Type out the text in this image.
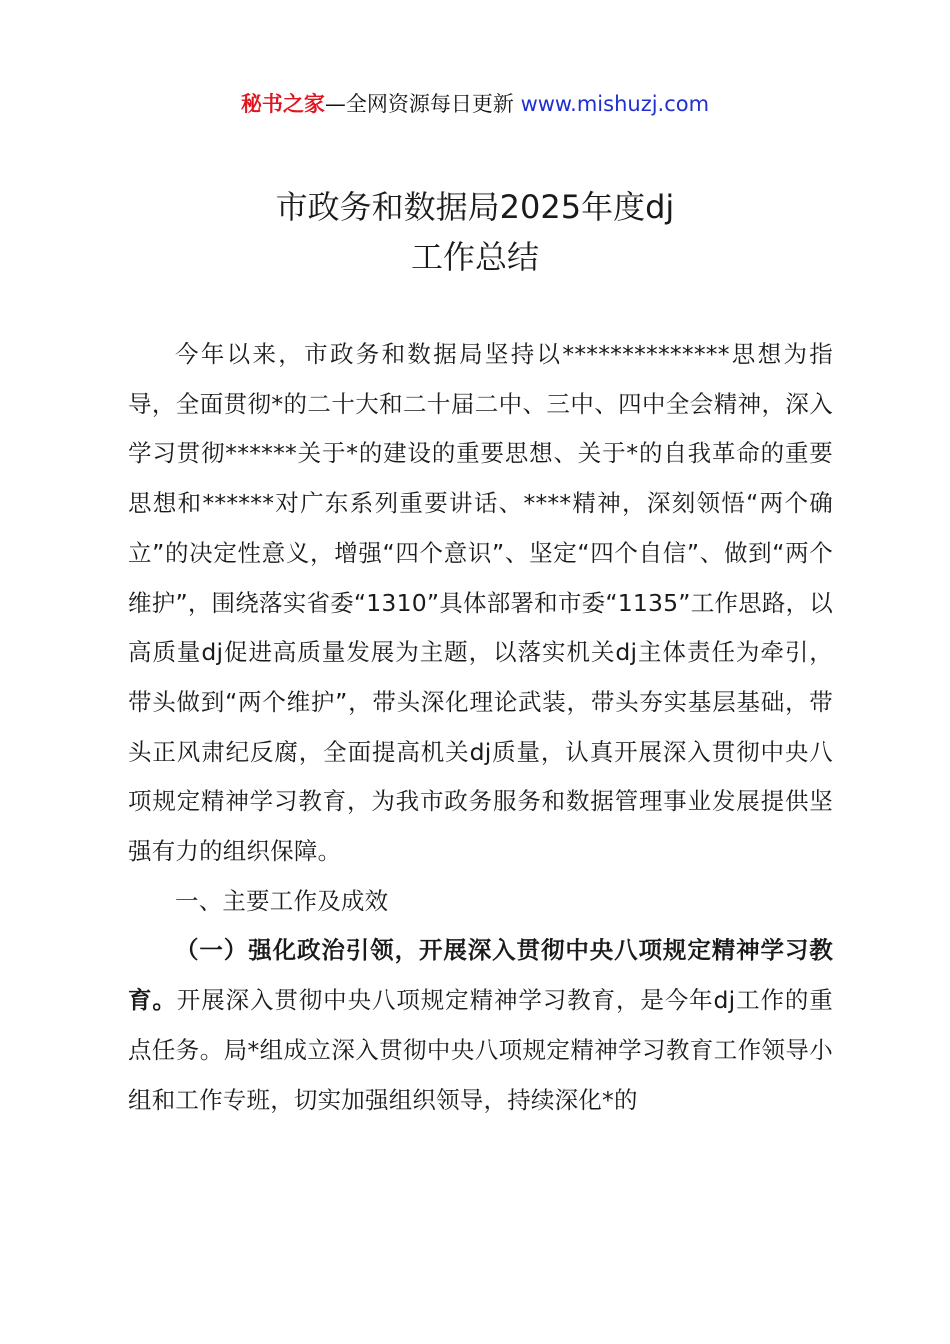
秘书之家—全网资源每日更新 www.mishuzj.com
市政务和数据局2025年度dj
工作总结

今年以来，市政务和数据局坚持以**************思想为指导，全面贯彻*的二十大和二十届二中、三中、四中全会精神，深入学习贯彻******关于*的建设的重要思想、关于*的自我革命的重要思想和******对广东系列重要讲话、****精神，深刻领悟“两个确立”的决定性意义，增强“四个意识”、坚定“四个自信”、做到“两个维护”，围绕落实省委“1310”具体部署和市委“1135”工作思路，以高质量dj促进高质量发展为主题，以落实机关dj主体责任为牵引，带头做到“两个维护”，带头深化理论武装，带头夯实基层基础，带头正风肃纪反腐，全面提高机关dj质量，认真开展深入贯彻中央八项规定精神学习教育，为我市政务服务和数据管理事业发展提供坚强有力的组织保障。

一、主要工作及成效

（一）强化政治引领，开展深入贯彻中央八项规定精神学习教育。开展深入贯彻中央八项规定精神学习教育，是今年dj工作的重点任务。局*组成立深入贯彻中央八项规定精神学习教育工作领导小组和工作专班，切实加强组织领导，持续深化*的
